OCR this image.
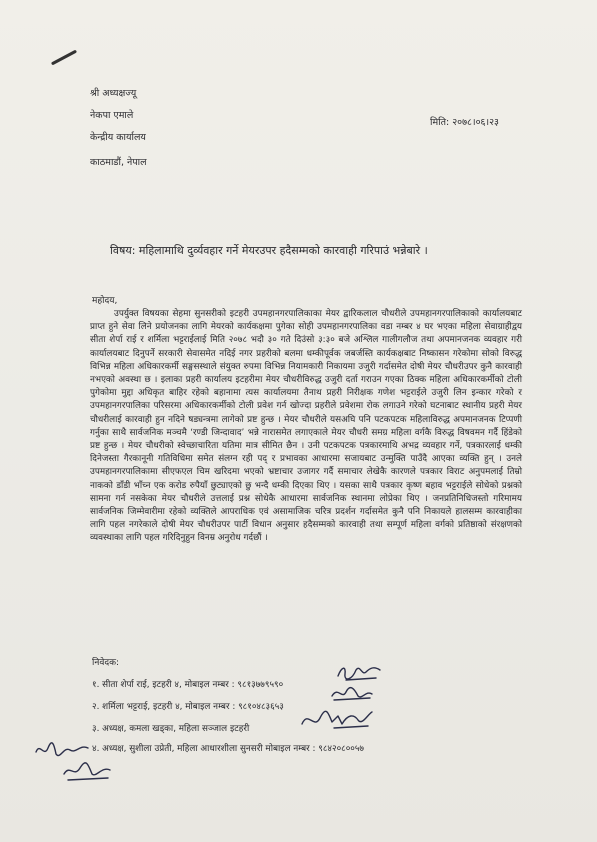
श्री अध्यक्षज्यू
नेकपा एमाले
केन्द्रीय कार्यालय
काठमाडौं, नेपाल
मिति: २०७८।०६।२३
विषय: महिलामाथि दुर्व्यवहार गर्ने मेयरउपर हदैसम्मको कारवाही गरिपाउं भन्नेबारे ।
महोदय,

उपर्युक्त विषयका सेहमा सुनसरीको इटहरी उपमहानगरपालिकाका मेयर द्वारिकलाल चौधरीले उपमहानगरपालिकाको कार्यालयबाट प्राप्त हुने सेवा लिने प्रयोजनका लागि मेयरको कार्यकक्षमा पुगेका सोही उपमहानगरपालिका वडा नम्बर ४ घर भएका महिला सेवाग्राहीद्वय सीता शेर्पा राई र शर्मिला भट्टराईलाई मिति २०७८ भदौ ३० गते दिउंसो ३:३० बजे अश्लिल गालीगलौज तथा अपमानजनक व्यवहार गरी कार्यालयबाट दिनुपर्ने सरकारी सेवासमेत नदिई नगर प्रहरीको बलमा धम्कीपूर्वक जबर्जस्ति कार्यकक्षबाट निष्कासन गरेकोमा सोको विरुद्ध विभिन्न महिला अधिकारकर्मी सङ्घसस्थाले संयुक्त रुपमा विभिन्न नियामकारी निकायमा उजुरी गर्दासमेत दोषी मेयर चौधरीउपर कुनै कारवाही नभएको अवस्था छ । इलाका प्रहरी कार्यालय इटहरीमा मेयर चौधरीविरुद्ध उजुरी दर्ता गराउन गएका ठिक्क महिला अधिकारकर्मीको टोली पुगेकोमा मुद्दा अधिकृत बाहिर रहेको बहानामा त्यस कार्यालयमा तैनाथ प्रहरी निरीक्षक गणेश भट्टराईले उजुरी लिन इन्कार गरेको र उपमहानगरपालिका परिसरमा अधिकारकर्मीको टोली प्रवेश गर्न खोज्दा प्रहरीले प्रवेशमा रोक लगाउने गरेको घटनाबाट स्थानीय प्रहरी मेयर चौधरीलाई कारवाही हुन नदिने षड्यन्त्रमा लागेको प्रष्ट हुन्छ । मेयर चौधरीले यसअघि पनि पटकपटक महिलाविरुद्ध अपमानजनक टिप्पणी गर्नुका साथै सार्वजनिक मञ्चमै ‘रण्डी जिन्दावाद’ भन्ने नारासमेत लगाएकाले मेयर चौधरी समग्र महिला वर्गकै विरुद्ध विषवमन गर्दै हिंडेको प्रष्ट हुन्छ । मेयर चौधरीको स्वेच्छाचारिता यतिमा मात्र सीमित छैन । उनी पटकपटक पत्रकारमाथि अभद्र व्यवहार गर्ने, पत्रकारलाई धम्की दिनेजस्ता गैरकानूनी गतिविधिमा समेत संलग्न रही पद्‌ र प्रभावका आधारमा सजायबाट उन्मुक्ति पाउँदै आएका व्यक्ति हुन् । उनले उपमहानगरपालिकामा सीएफएल चिम खरिदमा भएको भ्रष्टाचार उजागर गर्दै समाचार लेखेकै कारणले पत्रकार विराट अनुपमलाई तिम्रो नाकको डाँडी भाँच्न एक करोड रुपैयाँ छुट्याएको छु भन्दै धम्की दिएका थिए । यसका साथै पत्रकार कृष्ण बहाव भट्टराईले सोधेको प्रश्नको सामना गर्न नसकेका मेयर चौधरीले उत्तलाई प्रश्न सोधेकै आधारमा सार्वजनिक स्थानमा लोप्रेका थिए । जनप्रतिनिधिजस्तो गरिमामय सार्वजनिक जिम्मेवारीमा रहेको व्यक्तिले आपराधिक एवं असामाजिक चरित्र प्रदर्शन गर्दासमेत कुनै पनि निकायले हालसम्म कारवाहीका लागि पहल नगरेकाले दोषी मेयर चौधरीउपर पार्टी विधान अनुसार हदैसम्मको कारवाही तथा सम्पूर्ण महिला वर्गको प्रतिष्ठाको संरक्षणको व्यवस्थाका लागि पहल गरिदिनुहुन विनम्र अनुरोध गर्दछौं ।

निवेदक:
१. सीता शेर्पा राई, इटहरी ४, मोबाइल नम्बर : ९८१३७७९५९०
२. शर्मिला भट्टराई, इटहरी ४, मोबाइल नम्बर : ९८१०४८३६५३
३. अध्यक्ष, कमला खड्का, महिला सञ्जाल इटहरी
४. अध्यक्ष, सुशीला उप्रेती, महिला आधारशीला सुनसरी मोबाइल नम्बर : ९८४२०८००५७
